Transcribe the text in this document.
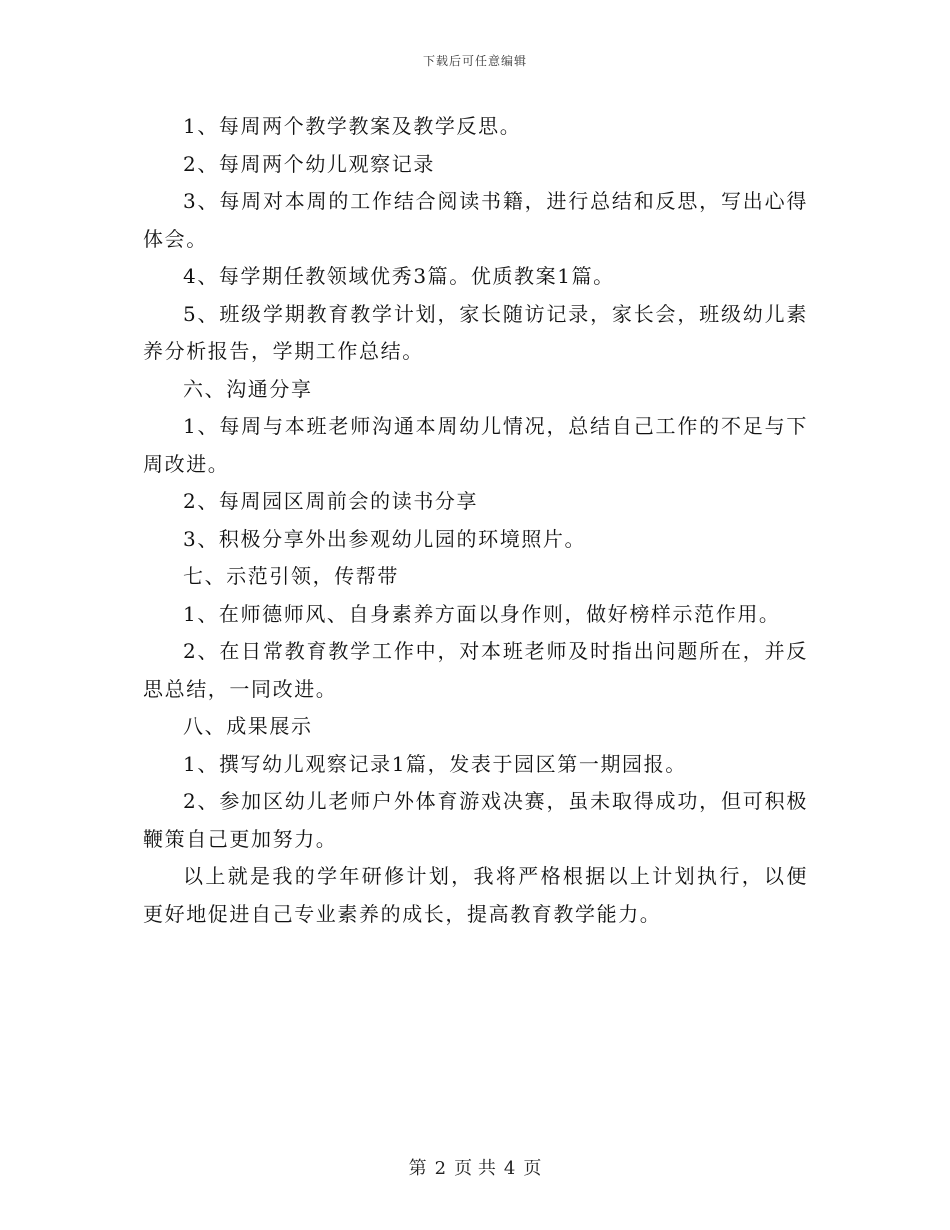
下载后可任意编辑

1、每周两个教学教案及教学反思。

2、每周两个幼儿观察记录

3、每周对本周的工作结合阅读书籍，进行总结和反思，写出心得体会。

4、每学期任教领域优秀3篇。优质教案1篇。

5、班级学期教育教学计划，家长随访记录，家长会，班级幼儿素养分析报告，学期工作总结。

六、沟通分享

1、每周与本班老师沟通本周幼儿情况，总结自己工作的不足与下周改进。

2、每周园区周前会的读书分享

3、积极分享外出参观幼儿园的环境照片。

七、示范引领，传帮带

1、在师德师风、自身素养方面以身作则，做好榜样示范作用。

2、在日常教育教学工作中，对本班老师及时指出问题所在，并反思总结，一同改进。

八、成果展示

1、撰写幼儿观察记录1篇，发表于园区第一期园报。

2、参加区幼儿老师户外体育游戏决赛，虽未取得成功，但可积极鞭策自己更加努力。

以上就是我的学年研修计划，我将严格根据以上计划执行，以便更好地促进自己专业素养的成长，提高教育教学能力。

第 2 页 共 4 页
